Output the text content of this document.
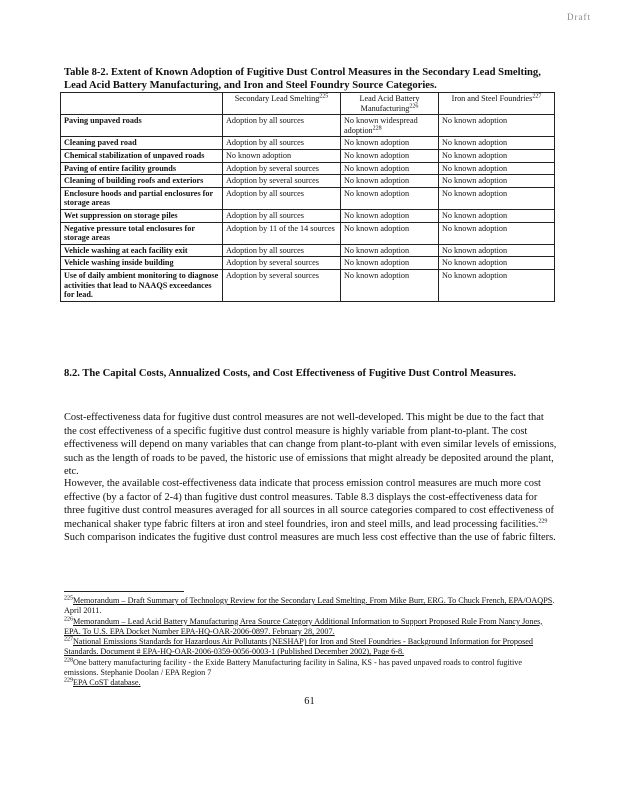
Draft
Table 8-2. Extent of Known Adoption of Fugitive Dust Control Measures in the Secondary Lead Smelting, Lead Acid Battery Manufacturing, and Iron and Steel Foundry Source Categories.
	Secondary Lead Smelting$^{225}$	Lead Acid Battery Manufacturing$^{226}$	Iron and Steel Foundries$^{227}$
Paving unpaved roads	Adoption by all sources	No known widespread adoption$^{228}$	No known adoption
Cleaning paved road	Adoption by all sources	No known adoption	No known adoption
Chemical stabilization of unpaved roads	No known adoption	No known adoption	No known adoption
Paving of entire facility grounds	Adoption by several sources	No known adoption	No known adoption
Cleaning of building roofs and exteriors	Adoption by several sources	No known adoption	No known adoption
Enclosure hoods and partial enclosures for storage areas	Adoption by all sources	No known adoption	No known adoption
Wet suppression on storage piles	Adoption by all sources	No known adoption	No known adoption
Negative pressure total enclosures for storage areas	Adoption by 11 of the 14 sources	No known adoption	No known adoption
Vehicle washing at each facility exit	Adoption by all sources	No known adoption	No known adoption
Vehicle washing inside building	Adoption by several sources	No known adoption	No known adoption
Use of daily ambient monitoring to diagnose activities that lead to NAAQS exceedances for lead.	Adoption by several sources	No known adoption	No known adoption
8.2. The Capital Costs, Annualized Costs, and Cost Effectiveness of Fugitive Dust Control Measures.

Cost-effectiveness data for fugitive dust control measures are not well-developed. This might be due to the fact that the cost effectiveness of a specific fugitive dust control measure is highly variable from plant-to-plant. The cost effectiveness will depend on many variables that can change from plant-to-plant with even similar levels of emissions, such as the length of roads to be paved, the historic use of emissions that might already be deposited around the plant, etc.

However, the available cost-effectiveness data indicate that process emission control measures are much more cost effective (by a factor of 2-4) than fugitive dust control measures. Table 8.3 displays the cost-effectiveness data for three fugitive dust control measures averaged for all sources in all source categories compared to cost effectiveness of mechanical shaker type fabric filters at iron and steel foundries, iron and steel mills, and lead processing facilities.$^{229}$ Such comparison indicates the fugitive dust control measures are much less cost effective than the use of fabric filters.

$^{225}$Memorandum – Draft Summary of Technology Review for the Secondary Lead Smelting. From Mike Burr, ERG. To Chuck French, EPA/OAQPS. April 2011.

$^{226}$Memorandum – Lead Acid Battery Manufacturing Area Source Category Additional Information to Support Proposed Rule From Nancy Jones, EPA. To U.S. EPA Docket Number EPA-HQ-OAR-2006-0897. February 28, 2007.

$^{227}$National Emissions Standards for Hazardous Air Pollutants (NESHAP) for Iron and Steel Foundries - Background Information for Proposed Standards. Document # EPA-HQ-OAR-2006-0359-0056-0003-1 (Published December 2002), Page 6-8.

$^{228}$One battery manufacturing facility - the Exide Battery Manufacturing facility in Salina, KS - has paved unpaved roads to control fugitive emissions. Stephanie Doolan / EPA Region 7

$^{229}$EPA CoST database.

61
